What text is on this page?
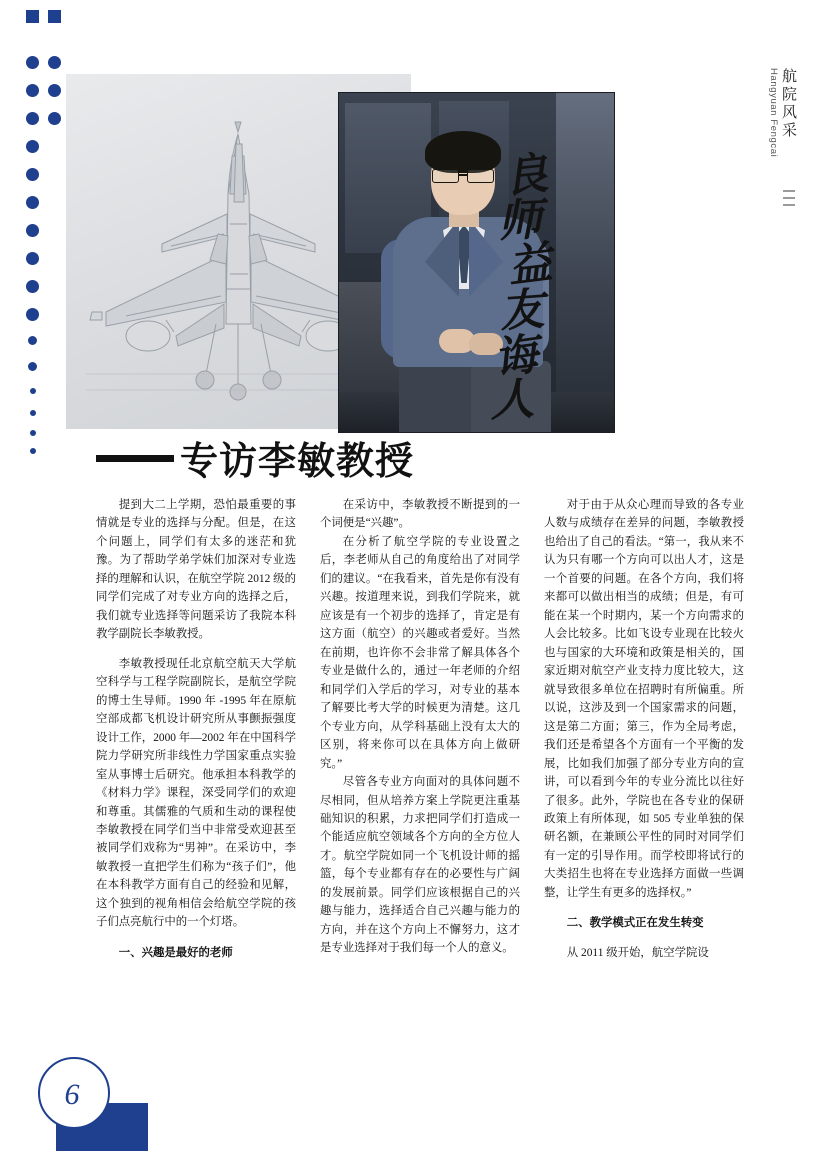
良
师
益
友
诲
人
航院风采
Hangyuan Fengcai
专访李敏教授

提到大二上学期，恐怕最重要的事情就是专业的选择与分配。但是，在这个问题上，同学们有太多的迷茫和犹豫。为了帮助学弟学妹们加深对专业选择的理解和认识，在航空学院 2012 级的同学们完成了对专业方向的选择之后，我们就专业选择等问题采访了我院本科教学副院长李敏教授。

李敏教授现任北京航空航天大学航空科学与工程学院副院长，是航空学院的博士生导师。1990 年 -1995 年在原航空部成都飞机设计研究所从事颤振强度设计工作，2000 年—2002 年在中国科学院力学研究所非线性力学国家重点实验室从事博士后研究。他承担本科教学的《材料力学》课程，深受同学们的欢迎和尊重。其儒雅的气质和生动的课程使李敏教授在同学们当中非常受欢迎甚至被同学们戏称为“男神”。在采访中，李敏教授一直把学生们称为“孩子们”，他在本科教学方面有自己的经验和见解，这个独到的视角相信会给航空学院的孩子们点亮航行中的一个灯塔。

一、兴趣是最好的老师

在采访中，李敏教授不断提到的一个词便是“兴趣”。

在分析了航空学院的专业设置之后，李老师从自己的角度给出了对同学们的建议。“在我看来，首先是你有没有兴趣。按道理来说，到我们学院来，就应该是有一个初步的选择了，肯定是有这方面（航空）的兴趣或者爱好。当然在前期，也许你不会非常了解具体各个专业是做什么的，通过一年老师的介绍和同学们入学后的学习，对专业的基本了解要比考大学的时候更为清楚。这几个专业方向，从学科基础上没有太大的区别，将来你可以在具体方向上做研究。”

尽管各专业方向面对的具体问题不尽相同，但从培养方案上学院更注重基础知识的积累，力求把同学们打造成一个能适应航空领域各个方向的全方位人才。航空学院如同一个飞机设计师的摇篮，每个专业都有存在的必要性与广阔的发展前景。同学们应该根据自己的兴趣与能力，选择适合自己兴趣与能力的方向，并在这个方向上不懈努力，这才是专业选择对于我们每一个人的意义。

对于由于从众心理而导致的各专业人数与成绩存在差异的问题，李敏教授也给出了自己的看法。“第一，我从来不认为只有哪一个方向可以出人才，这是一个首要的问题。在各个方向，我们将来都可以做出相当的成绩；但是，有可能在某一个时期内，某一个方向需求的人会比较多。比如飞设专业现在比较火也与国家的大环境和政策是相关的，国家近期对航空产业支持力度比较大，这就导致很多单位在招聘时有所偏重。所以说，这涉及到一个国家需求的问题，这是第二方面；第三，作为全局考虑，我们还是希望各个方面有一个平衡的发展，比如我们加强了部分专业方向的宣讲，可以看到今年的专业分流比以往好了很多。此外，学院也在各专业的保研政策上有所体现，如 505 专业单独的保研名额，在兼顾公平性的同时对同学们有一定的引导作用。而学校即将试行的大类招生也将在专业选择方面做一些调整，让学生有更多的选择权。”

二、教学模式正在发生转变

从 2011 级开始，航空学院设

6
